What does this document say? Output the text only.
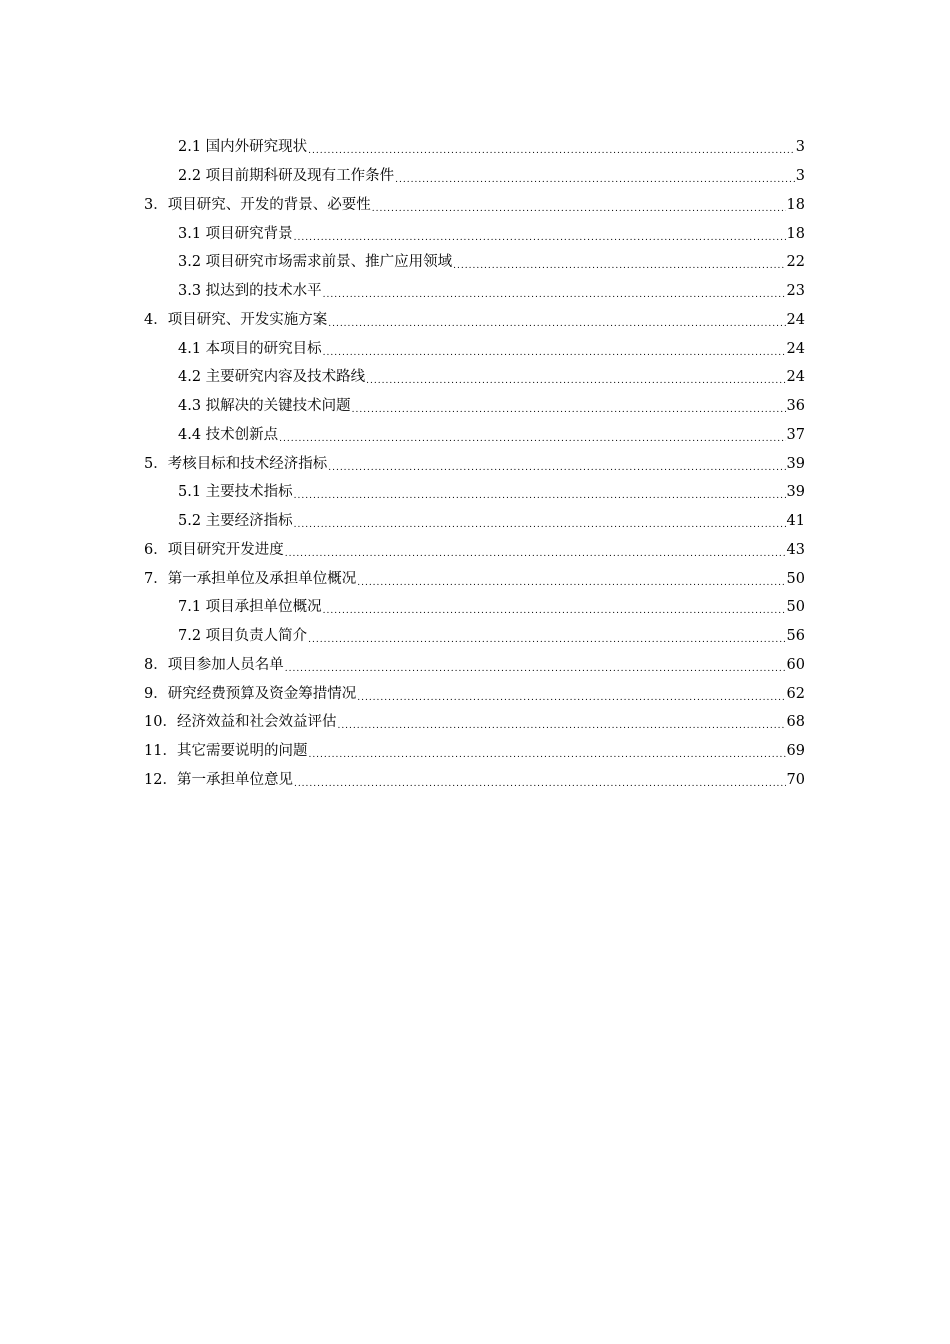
2.1 国内外研究现状 .....	3
2.2 项目前期科研及现有工作条件 .....	3
3．项目研究、开发的背景、必要性 .....	18
3.1 项目研究背景 .....	18
3.2 项目研究市场需求前景、推广应用领域 .....	22
3.3 拟达到的技术水平 .....	23
4．项目研究、开发实施方案 .....	24
4.1 本项目的研究目标 .....	24
4.2 主要研究内容及技术路线 .....	24
4.3 拟解决的关键技术问题 .....	36
4.4 技术创新点 .....	37
5．考核目标和技术经济指标 .....	39
5.1 主要技术指标 .....	39
5.2 主要经济指标 .....	41
6．项目研究开发进度 .....	43
7．第一承担单位及承担单位概况 .....	50
7.1 项目承担单位概况 .....	50
7.2 项目负责人简介 .....	56
8．项目参加人员名单 .....	60
9．研究经费预算及资金筹措情况 .....	62
10．经济效益和社会效益评估 .....	68
11．其它需要说明的问题 .....	69
12．第一承担单位意见 .....	70
